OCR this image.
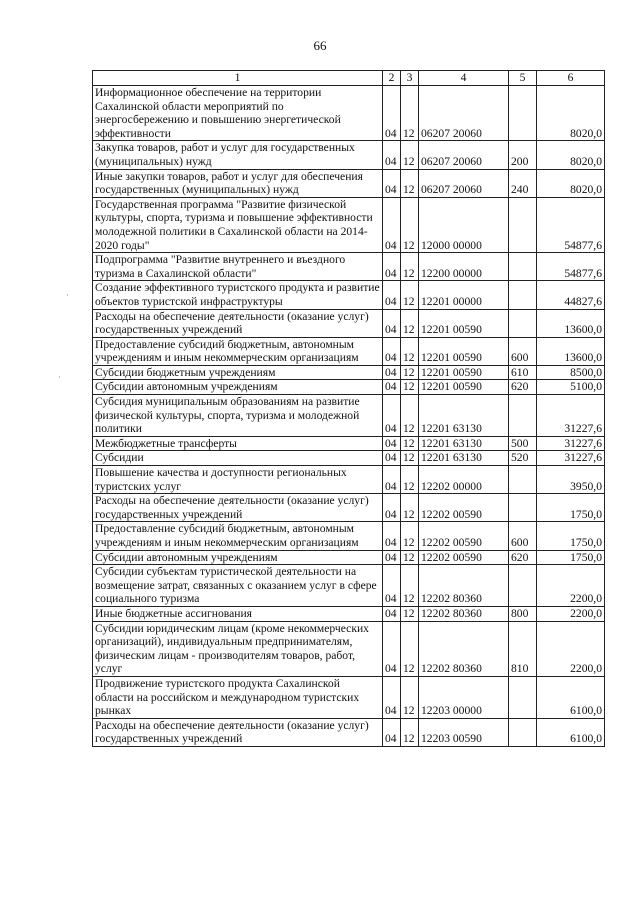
66
·
·
1	2	3	4	5	6
Информационное обеспечение на территории Сахалинской области мероприятий по энергосбережению и повышению энергетической эффективности	04	12	06207 20060		8020,0
Закупка товаров, работ и услуг для государственных (муниципальных) нужд	04	12	06207 20060	200	8020,0
Иные закупки товаров, работ и услуг для обеспечения государственных (муниципальных) нужд	04	12	06207 20060	240	8020,0
Государственная программа "Развитие физической культуры, спорта, туризма и повышение эффективности молодежной политики в Сахалинской области на 2014-2020 годы"	04	12	12000 00000		54877,6
Подпрограмма "Развитие внутреннего и въездного туризма в Сахалинской области"	04	12	12200 00000		54877,6
Создание эффективного туристского продукта и развитие объектов туристской инфраструктуры	04	12	12201 00000		44827,6
Расходы на обеспечение деятельности (оказание услуг) государственных учреждений	04	12	12201 00590		13600,0
Предоставление субсидий бюджетным, автономным учреждениям и иным некоммерческим организациям	04	12	12201 00590	600	13600,0
Субсидии бюджетным учреждениям	04	12	12201 00590	610	8500,0
Субсидии автономным учреждениям	04	12	12201 00590	620	5100,0
Субсидия муниципальным образованиям на развитие физической культуры, спорта, туризма и молодежной политики	04	12	12201 63130		31227,6
Межбюджетные трансферты	04	12	12201 63130	500	31227,6
Субсидии	04	12	12201 63130	520	31227,6
Повышение качества и доступности региональных туристских услуг	04	12	12202 00000		3950,0
Расходы на обеспечение деятельности (оказание услуг) государственных учреждений	04	12	12202 00590		1750,0
Предоставление субсидий бюджетным, автономным учреждениям и иным некоммерческим организациям	04	12	12202 00590	600	1750,0
Субсидии автономным учреждениям	04	12	12202 00590	620	1750,0
Субсидии субъектам туристической деятельности на возмещение затрат, связанных с оказанием услуг в сфере социального туризма	04	12	12202 80360		2200,0
Иные бюджетные ассигнования	04	12	12202 80360	800	2200,0
Субсидии юридическим лицам (кроме некоммерческих организаций), индивидуальным предпринимателям, физическим лицам - производителям товаров, работ, услуг	04	12	12202 80360	810	2200,0
Продвижение туристского продукта Сахалинской области на российском и международном туристских рынках	04	12	12203 00000		6100,0
Расходы на обеспечение деятельности (оказание услуг) государственных учреждений	04	12	12203 00590		6100,0
